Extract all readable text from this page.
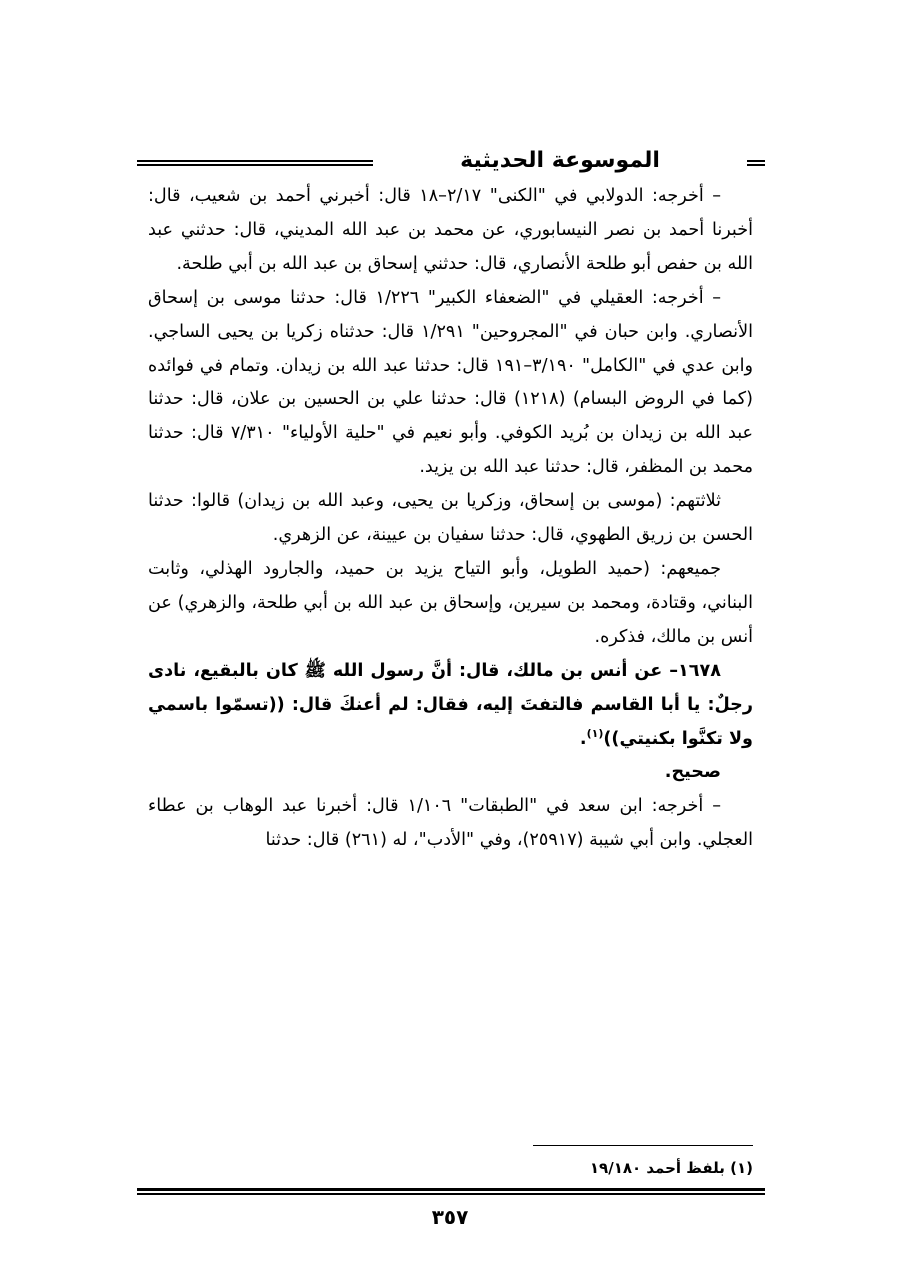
الموسوعة الحديثية

– أخرجه: الدولابي في "الكنى" ٢/١٧–١٨ قال: أخبرني أحمد بن شعيب، قال: أخبرنا أحمد بن نصر النيسابوري، عن محمد بن عبد الله المديني، قال: حدثني عبد الله بن حفص أبو طلحة الأنصاري، قال: حدثني إسحاق بن عبد الله بن أبي طلحة.

– أخرجه: العقيلي في "الضعفاء الكبير" ١/٢٢٦ قال: حدثنا موسى بن إسحاق الأنصاري. وابن حبان في "المجروحين" ١/٢٩١ قال: حدثناه زكريا بن يحيى الساجي. وابن عدي في "الكامل" ٣/١٩٠–١٩١ قال: حدثنا عبد الله بن زيدان. وتمام في فوائده (كما في الروض البسام) (١٢١٨) قال: حدثنا علي بن الحسين بن علان، قال: حدثنا عبد الله بن زيدان بن بُريد الكوفي. وأبو نعيم في "حلية الأولياء" ٧/٣١٠ قال: حدثنا محمد بن المظفر، قال: حدثنا عبد الله بن يزيد.

ثلاثتهم: (موسى بن إسحاق، وزكريا بن يحيى، وعبد الله بن زيدان) قالوا: حدثنا الحسن بن زريق الطهوي، قال: حدثنا سفيان بن عيينة، عن الزهري.

جميعهم: (حميد الطويل، وأبو التياح يزيد بن حميد، والجارود الهذلي، وثابت البناني، وقتادة، ومحمد بن سيرين، وإسحاق بن عبد الله بن أبي طلحة، والزهري) عن أنس بن مالك، فذكره.

١٦٧٨– عن أنس بن مالك، قال: أنَّ رسول الله ﷺ كان بالبقيع، نادى رجلٌ: يا أبا القاسم فالتفتَ إليه، فقال: لم أعنكَ قال: ((تسمّوا باسمي ولا تكنَّوا بكنيتي))$^{(١)}$.

صحيح.

– أخرجه: ابن سعد في "الطبقات" ١/١٠٦ قال: أخبرنا عبد الوهاب بن عطاء العجلي. وابن أبي شيبة (٢٥٩١٧)، وفي "الأدب"، له (٢٦١) قال: حدثنا

(١) بلفظ أحمد ١٩/١٨٠
٣٥٧
